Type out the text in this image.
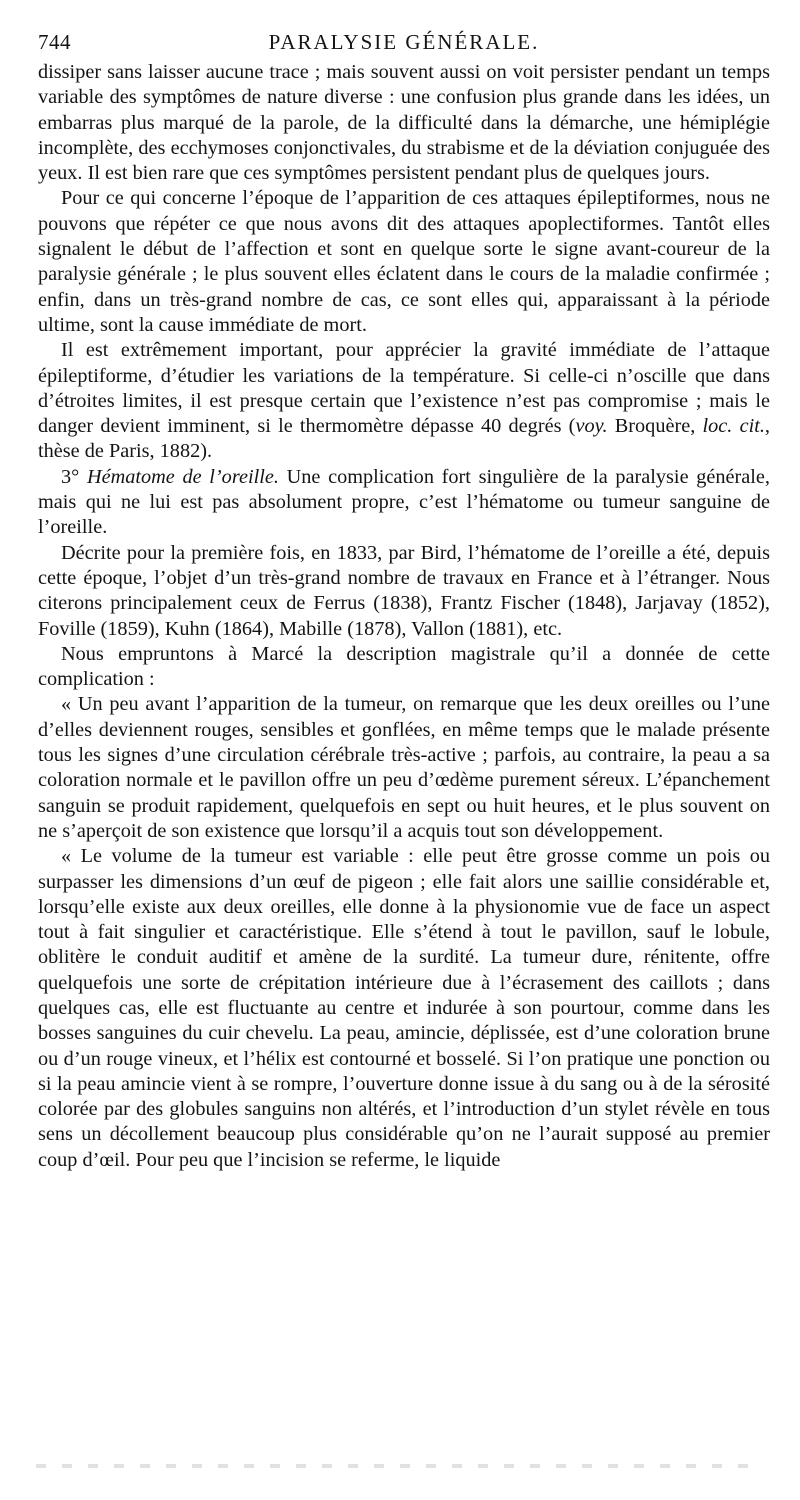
744	PARALYSIE GÉNÉRALE.

dissiper sans laisser aucune trace ; mais souvent aussi on voit persister pendant un temps variable des symptômes de nature diverse : une confusion plus grande dans les idées, un embarras plus marqué de la parole, de la difficulté dans la démarche, une hémiplégie incomplète, des ecchymoses conjonctivales, du strabisme et de la déviation conjuguée des yeux. Il est bien rare que ces symptômes persistent pendant plus de quelques jours.

Pour ce qui concerne l’époque de l’apparition de ces attaques épileptiformes, nous ne pouvons que répéter ce que nous avons dit des attaques apoplectiformes. Tantôt elles signalent le début de l’affection et sont en quelque sorte le signe avant-coureur de la paralysie générale ; le plus souvent elles éclatent dans le cours de la maladie confirmée ; enfin, dans un très-grand nombre de cas, ce sont elles qui, apparaissant à la période ultime, sont la cause immédiate de mort.

Il est extrêmement important, pour apprécier la gravité immédiate de l’attaque épileptiforme, d’étudier les variations de la température. Si celle-ci n’oscille que dans d’étroites limites, il est presque certain que l’existence n’est pas compromise ; mais le danger devient imminent, si le thermomètre dépasse 40 degrés (voy. Broquère, loc. cit., thèse de Paris, 1882).

3° Hématome de l’oreille. Une complication fort singulière de la paralysie générale, mais qui ne lui est pas absolument propre, c’est l’hématome ou tumeur sanguine de l’oreille.

Décrite pour la première fois, en 1833, par Bird, l’hématome de l’oreille a été, depuis cette époque, l’objet d’un très-grand nombre de travaux en France et à l’étranger. Nous citerons principalement ceux de Ferrus (1838), Frantz Fischer (1848), Jarjavay (1852), Foville (1859), Kuhn (1864), Mabille (1878), Vallon (1881), etc.

Nous empruntons à Marcé la description magistrale qu’il a donnée de cette complication :

« Un peu avant l’apparition de la tumeur, on remarque que les deux oreilles ou l’une d’elles deviennent rouges, sensibles et gonflées, en même temps que le malade présente tous les signes d’une circulation cérébrale très-active ; parfois, au contraire, la peau a sa coloration normale et le pavillon offre un peu d’œdème purement séreux. L’épanchement sanguin se produit rapidement, quelquefois en sept ou huit heures, et le plus souvent on ne s’aperçoit de son existence que lorsqu’il a acquis tout son développement.

« Le volume de la tumeur est variable : elle peut être grosse comme un pois ou surpasser les dimensions d’un œuf de pigeon ; elle fait alors une saillie considérable et, lorsqu’elle existe aux deux oreilles, elle donne à la physionomie vue de face un aspect tout à fait singulier et caractéristique. Elle s’étend à tout le pavillon, sauf le lobule, oblitère le conduit auditif et amène de la surdité. La tumeur dure, rénitente, offre quelquefois une sorte de crépitation intérieure due à l’écrasement des caillots ; dans quelques cas, elle est fluctuante au centre et indurée à son pourtour, comme dans les bosses sanguines du cuir chevelu. La peau, amincie, déplissée, est d’une coloration brune ou d’un rouge vineux, et l’hélix est contourné et bosselé. Si l’on pratique une ponction ou si la peau amincie vient à se rompre, l’ouverture donne issue à du sang ou à de la sérosité colorée par des globules sanguins non altérés, et l’introduction d’un stylet révèle en tous sens un décollement beaucoup plus considérable qu’on ne l’aurait supposé au premier coup d’œil. Pour peu que l’incision se referme, le liquide
